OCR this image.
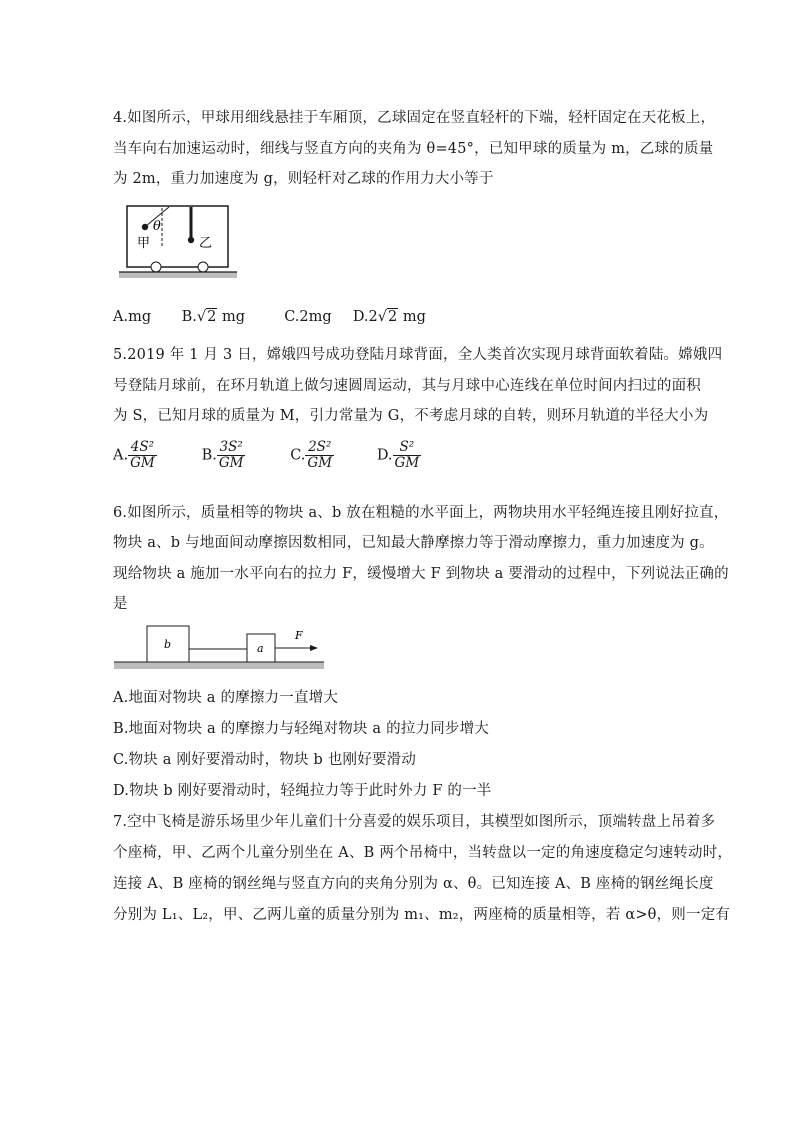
4.如图所示，甲球用细线悬挂于车厢顶，乙球固定在竖直轻杆的下端，轻杆固定在天花板上，
当车向右加速运动时，细线与竖直方向的夹角为 θ=45°，已知甲球的质量为 m，乙球的质量
为 2m，重力加速度为 g，则轻杆对乙球的作用力大小等于
θ
甲	乙
A.mg B.√2 mg	C.2mg D.2√2 mg
5.2019 年 1 月 3 日，嫦娥四号成功登陆月球背面，全人类首次实现月球背面软着陆。嫦娥四
号登陆月球前，在环月轨道上做匀速圆周运动，其与月球中心连线在单位时间内扫过的面积
为 S，已知月球的质量为 M，引力常量为 G，不考虑月球的自转，则环月轨道的半径大小为
A. $\frac{\text{4S²}}{GM}$	B. $\frac{\text{3S²}}{GM}$	C. $\frac{\text{2S²}}{GM}$	D. $\frac{\text{S²}}{GM}$
6.如图所示，质量相等的物块 a、b 放在粗糙的水平面上，两物块用水平轻绳连接且刚好拉直，
物块 a、b 与地面间动摩擦因数相同，已知最大静摩擦力等于滑动摩擦力，重力加速度为 g。
现给物块 a 施加一水平向右的拉力 F，缓慢增大 F 到物块 a 要滑动的过程中，下列说法正确的
是
b	a
F
A.地面对物块 a 的摩擦力一直增大
B.地面对物块 a 的摩擦力与轻绳对物块 a 的拉力同步增大
C.物块 a 刚好要滑动时，物块 b 也刚好要滑动
D.物块 b 刚好要滑动时，轻绳拉力等于此时外力 F 的一半
7.空中飞椅是游乐场里少年儿童们十分喜爱的娱乐项目，其模型如图所示，顶端转盘上吊着多
个座椅，甲、乙两个儿童分别坐在 A、B 两个吊椅中，当转盘以一定的角速度稳定匀速转动时，
连接 A、B 座椅的钢丝绳与竖直方向的夹角分别为 α、θ。已知连接 A、B 座椅的钢丝绳长度
分别为 L₁、L₂，甲、乙两儿童的质量分别为 m₁、m₂，两座椅的质量相等，若 α>θ，则一定有
